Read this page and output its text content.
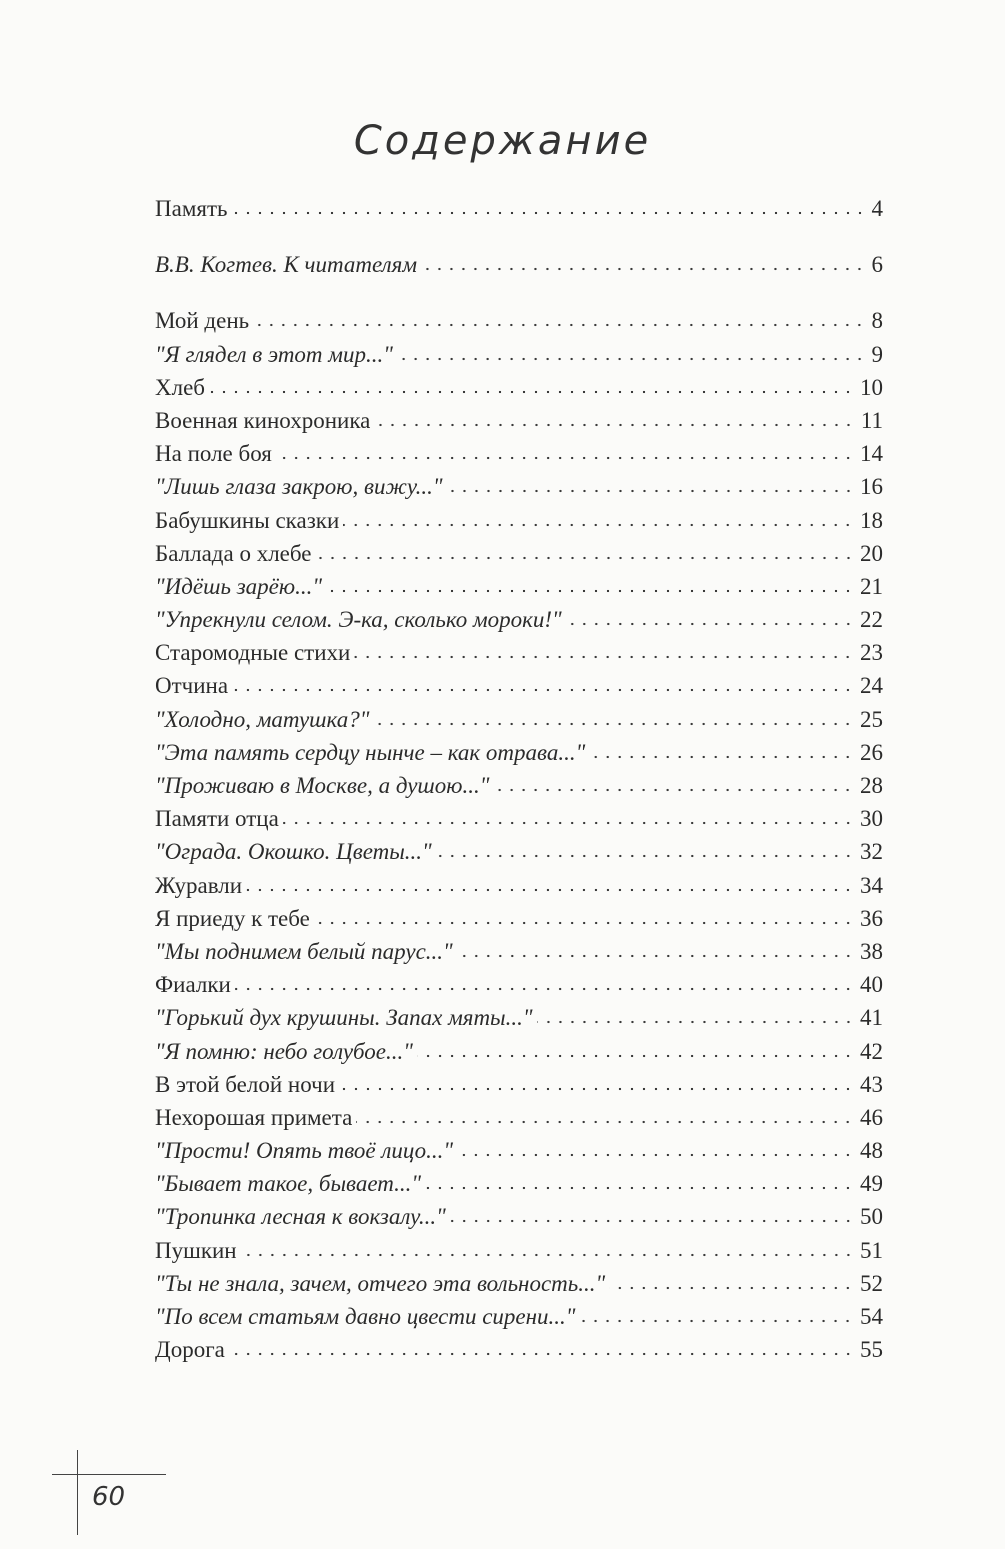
Содержание
Память	4
В.В. Когтев. К читателям	6
Мой день	8
"Я глядел в этот мир..."	9
Хлеб	10
Военная кинохроника	11
На поле боя	14
"Лишь глаза закрою, вижу..."	16
Бабушкины сказки	18
Баллада о хлебе	20
"Идёшь зарёю..."	21
"Упрекнули селом. Э-ка, сколько мороки!"	22
Старомодные стихи	23
Отчина	24
"Холодно, матушка?"	25
"Эта память сердцу нынче – как отрава..."	26
"Проживаю в Москве, а душою..."	28
Памяти отца	30
"Ограда. Окошко. Цветы..."	32
Журавли	34
Я приеду к тебе	36
"Мы поднимем белый парус..."	38
Фиалки	40
"Горький дух крушины. Запах мяты..."	41
"Я помню: небо голубое..."	42
В этой белой ночи	43
Нехорошая примета	46
"Прости! Опять твоё лицо..."	48
"Бывает такое, бывает..."	49
"Тропинка лесная к вокзалу..."	50
Пушкин	51
"Ты не знала, зачем, отчего эта вольность..."	52
"По всем статьям давно цвести сирени..."	54
Дорога	55
60
